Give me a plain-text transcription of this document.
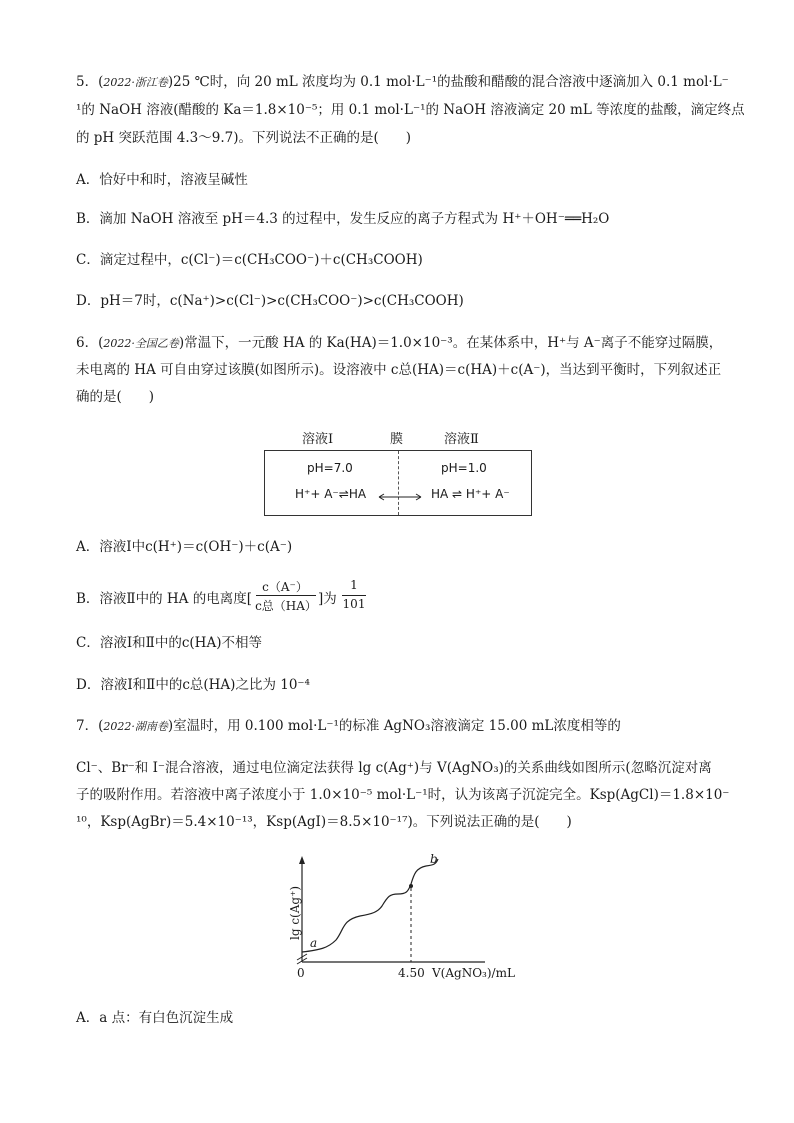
5．(2022·浙江卷)25 ℃时，向 20 mL 浓度均为 0.1 mol·L⁻¹的盐酸和醋酸的混合溶液中逐滴加入 0.1 mol·L⁻
¹的 NaOH 溶液(醋酸的 Ka＝1.8×10⁻⁵；用 0.1 mol·L⁻¹的 NaOH 溶液滴定 20 mL 等浓度的盐酸，滴定终点
的 pH 突跃范围 4.3～9.7)。下列说法不正确的是(　　)
A．恰好中和时，溶液呈碱性
B．滴加 NaOH 溶液至 pH＝4.3 的过程中，发生反应的离子方程式为 H⁺＋OH⁻══H₂O
C．滴定过程中，c(Cl⁻)＝c(CH₃COO⁻)＋c(CH₃COOH)
D．pH＝7时，c(Na⁺)>c(Cl⁻)>c(CH₃COO⁻)>c(CH₃COOH)
6．(2022·全国乙卷)常温下，一元酸 HA 的 Ka(HA)＝1.0×10⁻³。在某体系中，H⁺与 A⁻离子不能穿过隔膜，
未电离的 HA 可自由穿过该膜(如图所示)。设溶液中 c总(HA)＝c(HA)＋c(A⁻)，当达到平衡时，下列叙述正
确的是(　　)
溶液Ⅰ	膜	溶液Ⅱ
pH=7.0	pH=1.0
H⁺+ A⁻⇌HA	HA ⇌ H⁺+ A⁻
A．溶液Ⅰ中c(H⁺)＝c(OH⁻)＋c(A⁻)
B．溶液Ⅱ中的 HA 的电离度[
c（A⁻）
c总（HA） ]为
1
101
C．溶液Ⅰ和Ⅱ中的c(HA)不相等
D．溶液Ⅰ和Ⅱ中的c总(HA)之比为 10⁻⁴
7．(2022·湖南卷)室温时，用 0.100 mol·L⁻¹的标准 AgNO₃溶液滴定 15.00 mL浓度相等的
Cl⁻、Br⁻和 I⁻混合溶液，通过电位滴定法获得 lg c(Ag⁺)与 V(AgNO₃)的关系曲线如图所示(忽略沉淀对离
子的吸附作用。若溶液中离子浓度小于 1.0×10⁻⁵ mol·L⁻¹时，认为该离子沉淀完全。Ksp(AgCl)＝1.8×10⁻
¹⁰，Ksp(AgBr)＝5.4×10⁻¹³，Ksp(AgI)＝8.5×10⁻¹⁷)。下列说法正确的是(　　)
lg c(Ag⁺)
a
b
0	4.50 V(AgNO₃)/mL
A．a 点：有白色沉淀生成
